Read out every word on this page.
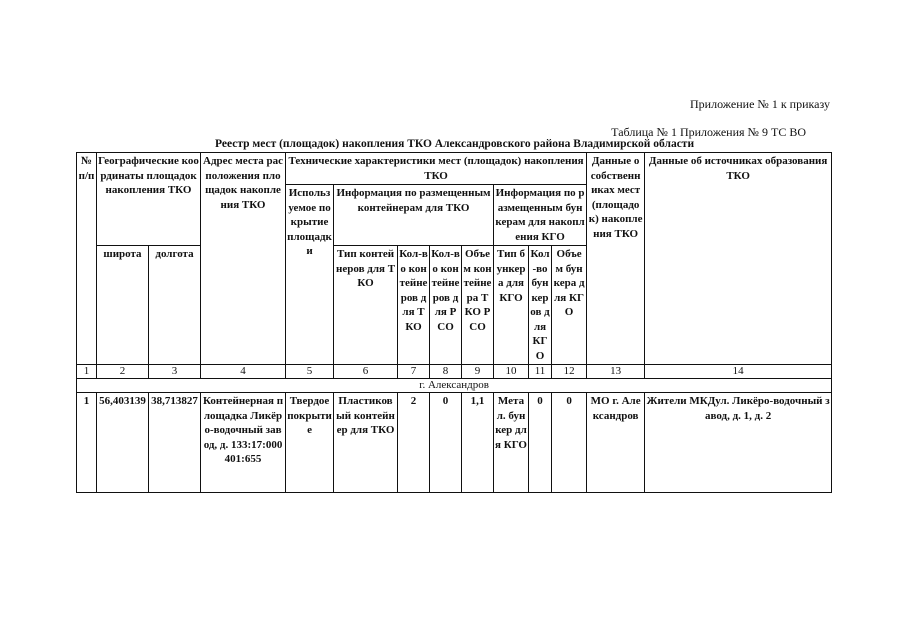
Приложение № 1 к приказу
Таблица № 1 Приложения № 9 ТС ВО
Реестр мест (площадок) накопления ТКО Александровского района Владимирской области
№ п/п	Географические координаты площадок накопления ТКО		Адрес места расположения площадок накопления ТКО	Технические характеристики мест (площадок) накопления ТКО								Данные о собственниках мест (площадок) накопления ТКО	Данные об источниках образования ТКО
				Используемое покрытие площадки	Информация по размещенным контейнерам для ТКО				Информация по размещенным бункерам для накопления КГО				
	широта	долгота			Тип контейнеров для ТКО	Кол-во контейнеров для ТКО	Кол-во контейнеров для РСО	Объем контейнера ТКО РСО	Тип бункера для КГО	Кол-во бункеров для КГО	Объем бункера для КГО		
1	2	3	4	5	6	7	8	9	10	11	12	13	14
г. Александров													
1	56,403139	38,713827	Контейнерная площадка Ликёро-водочный завод, д. 133:17:000401:655	Твердое покрытие	Пластиковый контейнер для ТКО	2	0	1,1	Метал. бункер для КГО	0	0	МО г. Александров	Жители МКДул. Ликёро-водочный завод, д. 1, д. 2
